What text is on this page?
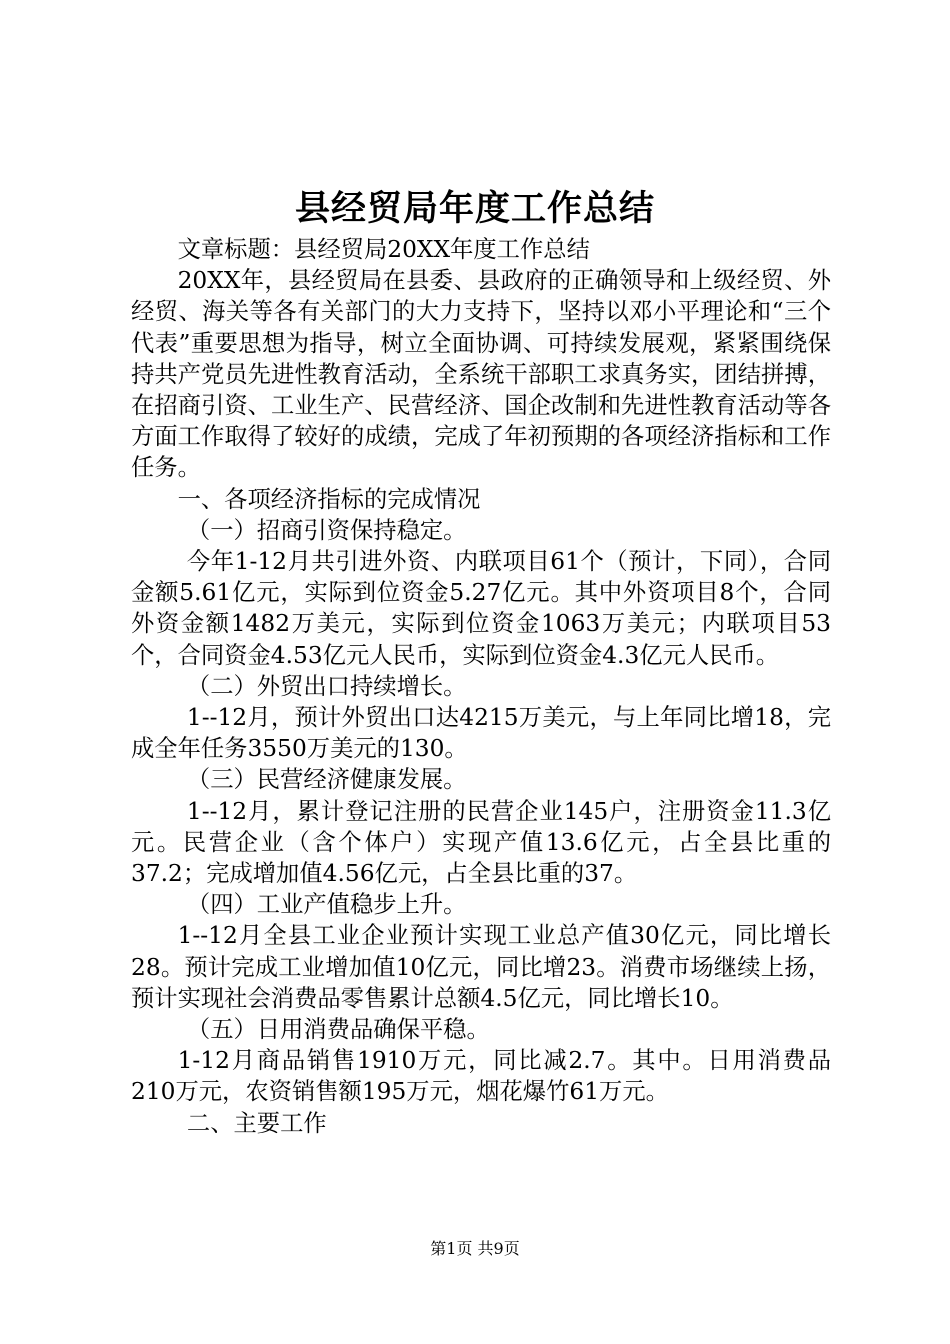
县经贸局年度工作总结

文章标题：县经贸局20XX年度工作总结

20XX年，县经贸局在县委、县政府的正确领导和上级经贸、外经贸、海关等各有关部门的大力支持下，坚持以邓小平理论和“三个代表”重要思想为指导，树立全面协调、可持续发展观，紧紧围绕保持共产党员先进性教育活动，全系统干部职工求真务实，团结拼搏，在招商引资、工业生产、民营经济、国企改制和先进性教育活动等各方面工作取得了较好的成绩，完成了年初预期的各项经济指标和工作任务。

一、各项经济指标的完成情况

（一）招商引资保持稳定。

今年1-12月共引进外资、内联项目61个（预计，下同），合同金额5.61亿元，实际到位资金5.27亿元。其中外资项目8个，合同外资金额1482万美元，实际到位资金1063万美元；内联项目53个，合同资金4.53亿元人民币，实际到位资金4.3亿元人民币。

（二）外贸出口持续增长。

1--12月，预计外贸出口达4215万美元，与上年同比增18，完成全年任务3550万美元的130。

（三）民营经济健康发展。

1--12月，累计登记注册的民营企业145户，注册资金11.3亿元。民营企业（含个体户）实现产值13.6亿元，占全县比重的37.2；完成增加值4.56亿元，占全县比重的37。

（四）工业产值稳步上升。

1--12月全县工业企业预计实现工业总产值30亿元，同比增长28。预计完成工业增加值10亿元，同比增23。消费市场继续上扬，预计实现社会消费品零售累计总额4.5亿元，同比增长10。

（五）日用消费品确保平稳。

1-12月商品销售1910万元，同比减2.7。其中。日用消费品210万元，农资销售额195万元，烟花爆竹61万元。

二、主要工作

第1页 共9页
